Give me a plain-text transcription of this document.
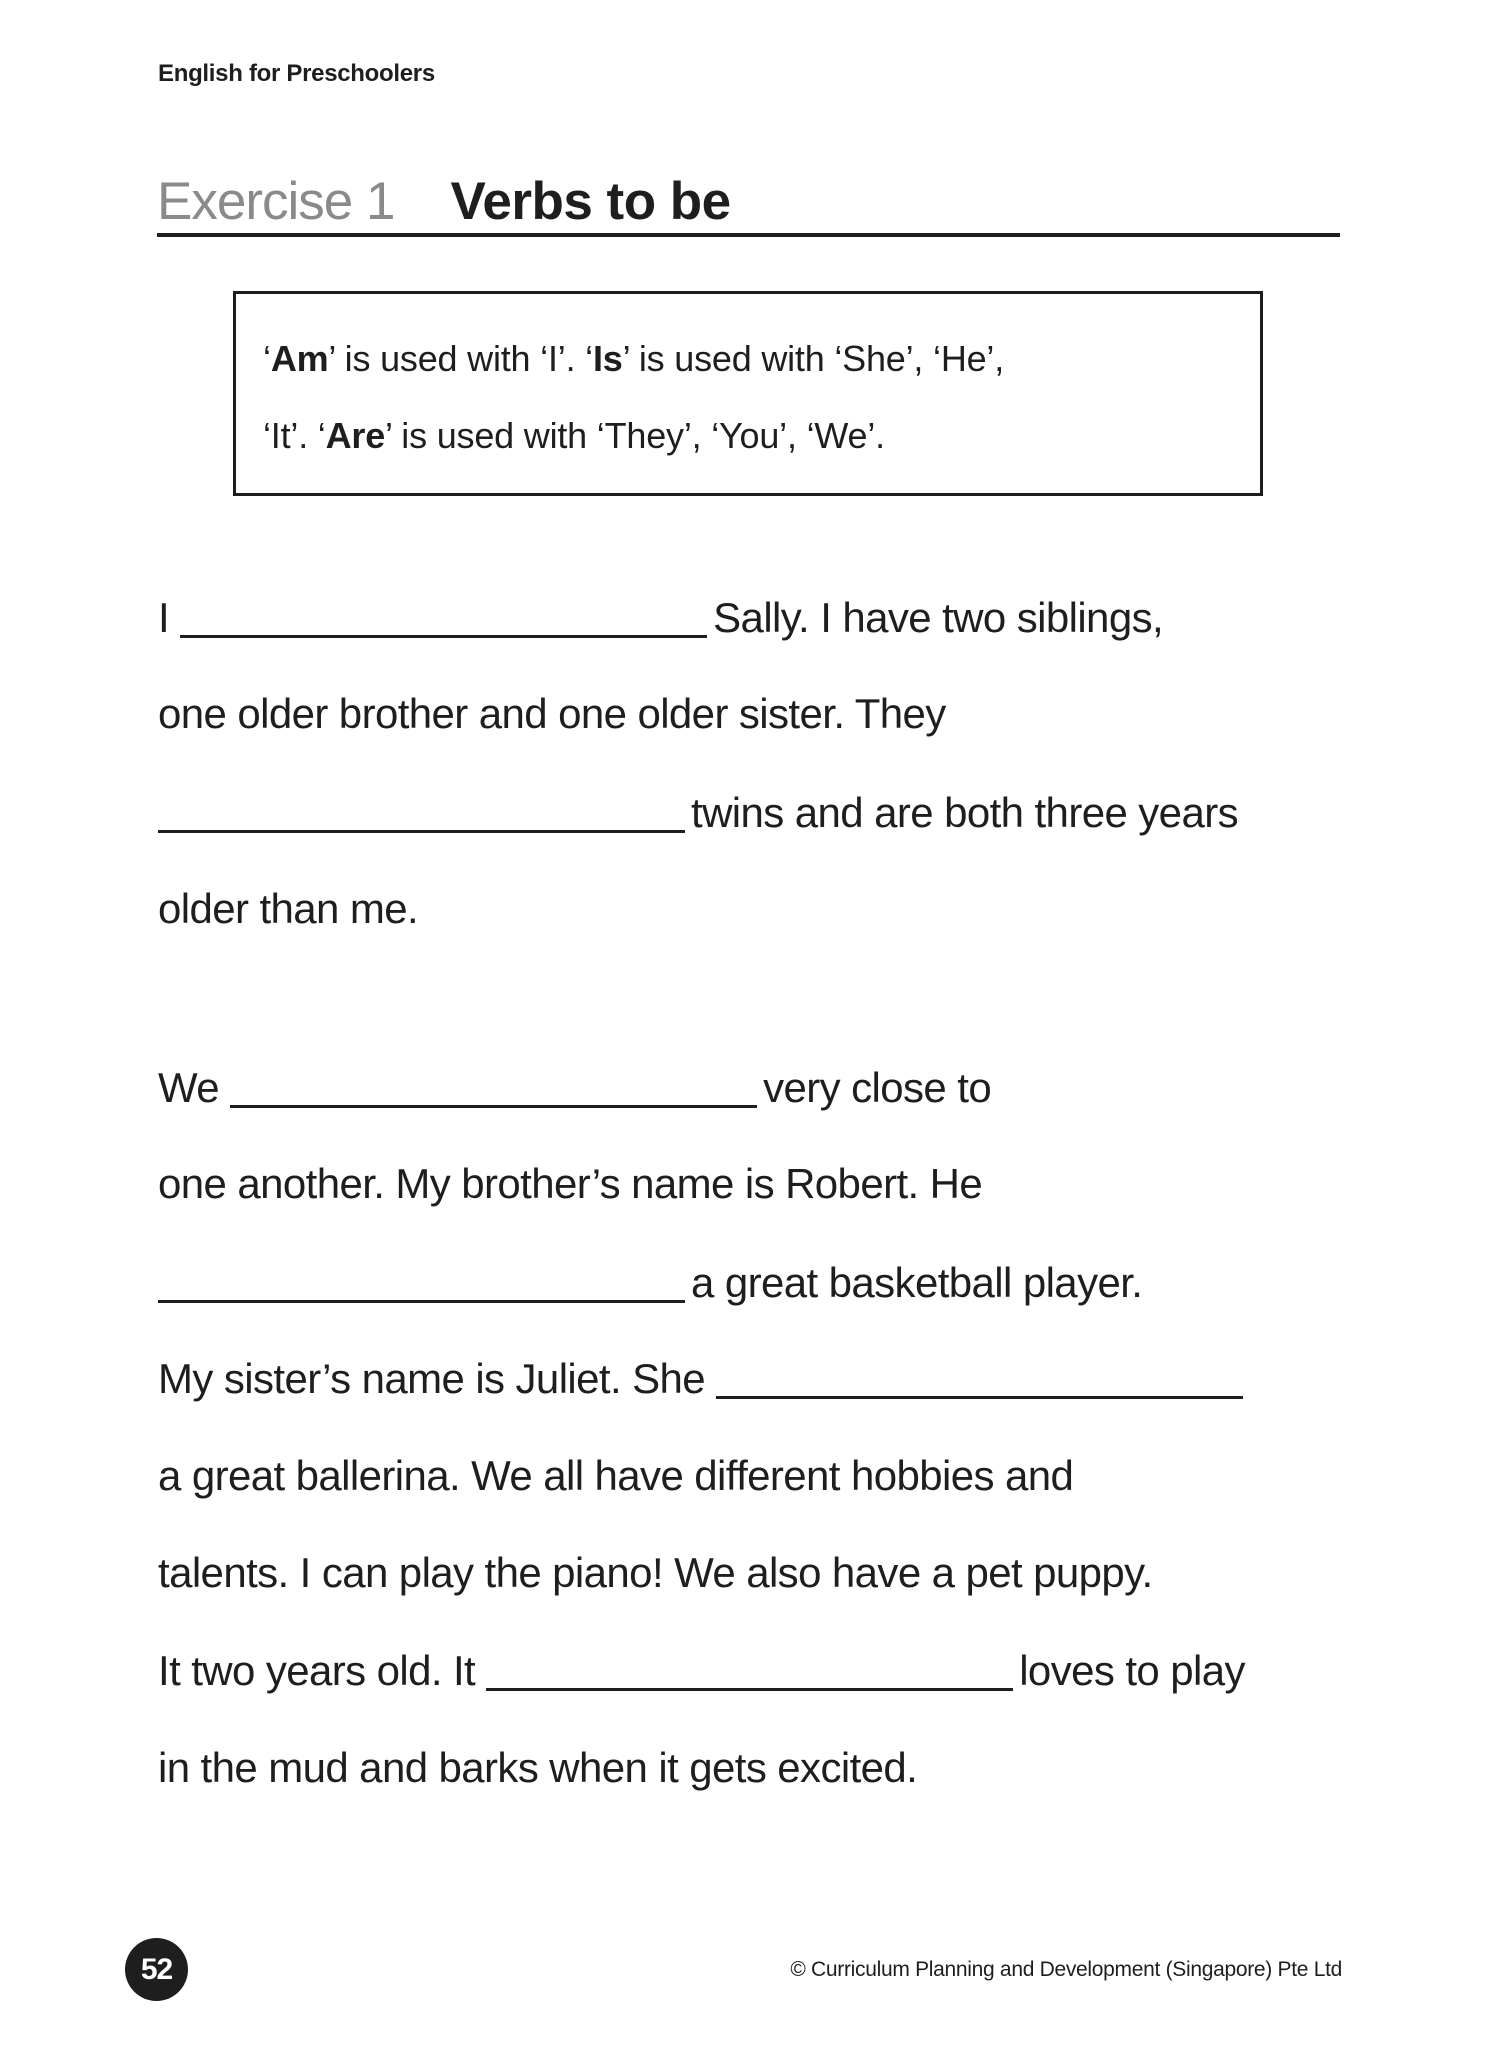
English for Preschoolers
Exercise 1 Verbs to be
‘Am’ is used with ‘I’. ‘Is’ is used with ‘She’, ‘He’,
‘It’. ‘Are’ is used with ‘They’, ‘You’, ‘We’.
I	Sally. I have two siblings,
one older brother and one older sister. They
twins and are both three years
older than me.
We	very close to
one another. My brother’s name is Robert. He
a great basketball player.
My sister’s name is Juliet. She
a great ballerina. We all have different hobbies and
talents. I can play the piano! We also have a pet puppy.
It two years old. It	loves to play
in the mud and barks when it gets excited.
52	© Curriculum Planning and Development (Singapore) Pte Ltd
